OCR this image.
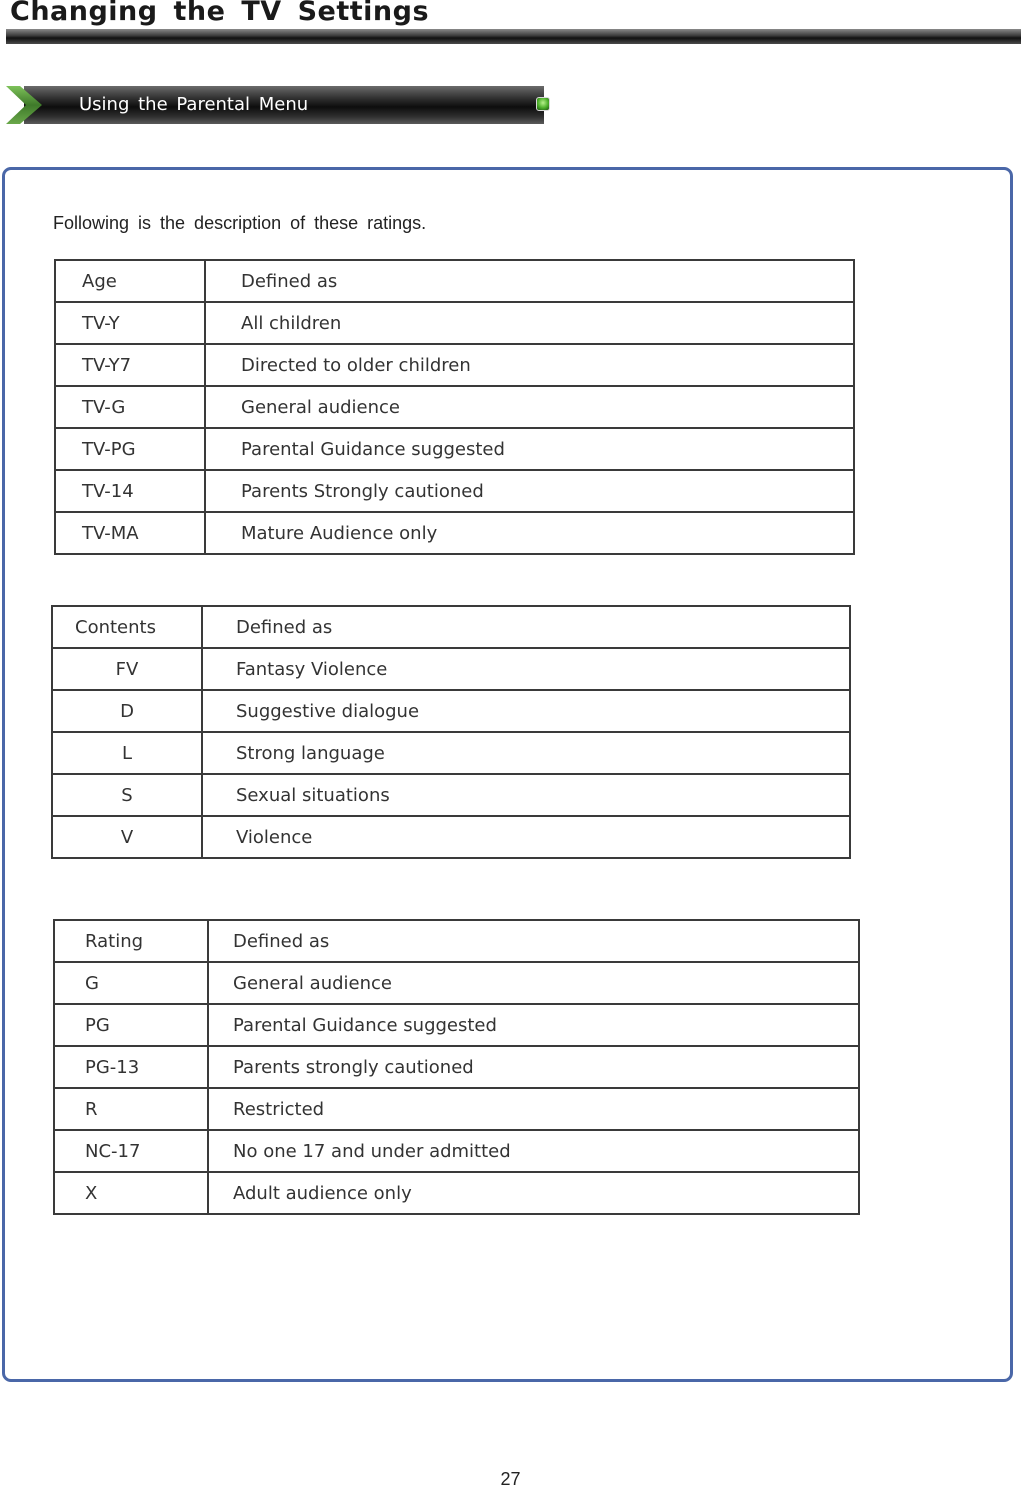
Changing the TV Settings
Using the Parental Menu

Following is the description of these ratings.

Age	Defined as
TV-Y	All children
TV-Y7	Directed to older children
TV-G	General audience
TV-PG	Parental Guidance suggested
TV-14	Parents Strongly cautioned
TV-MA	Mature Audience only
Contents	Defined as
FV	Fantasy Violence
D	Suggestive dialogue
L	Strong language
S	Sexual situations
V	Violence
Rating	Defined as
G	General audience
PG	Parental Guidance suggested
PG-13	Parents strongly cautioned
R	Restricted
NC-17	No one 17 and under admitted
X	Adult audience only

27
